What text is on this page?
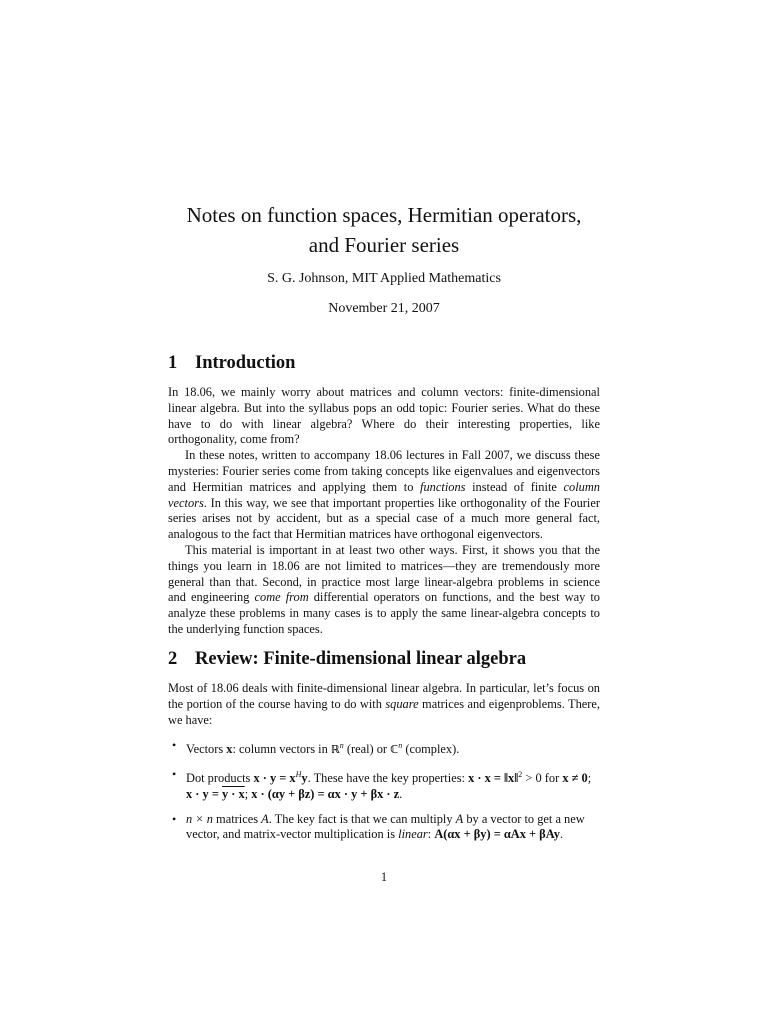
Notes on function spaces, Hermitian operators,
and Fourier series
S. G. Johnson, MIT Applied Mathematics
November 21, 2007
1 Introduction

In 18.06, we mainly worry about matrices and column vectors: finite-dimensional linear algebra. But into the syllabus pops an odd topic: Fourier series. What do these have to do with linear algebra? Where do their interesting properties, like orthogonality, come from?

In these notes, written to accompany 18.06 lectures in Fall 2007, we discuss these mysteries: Fourier series come from taking concepts like eigenvalues and eigenvectors and Hermitian matrices and applying them to functions instead of finite column vectors. In this way, we see that important properties like orthogonality of the Fourier series arises not by accident, but as a special case of a much more general fact, analogous to the fact that Hermitian matrices have orthogonal eigenvectors.

This material is important in at least two other ways. First, it shows you that the things you learn in 18.06 are not limited to matrices—they are tremendously more general than that. Second, in practice most large linear-algebra problems in science and engineering come from differential operators on functions, and the best way to analyze these problems in many cases is to apply the same linear-algebra concepts to the underlying function spaces.

2 Review: Finite-dimensional linear algebra

Most of 18.06 deals with finite-dimensional linear algebra. In particular, let’s focus on the portion of the course having to do with square matrices and eigenproblems. There, we have:

• Vectors x: column vectors in ℝ$^n$ (real) or ℂ$^n$ (complex).
• Dot products $x \cdot y = x^Hy$. These have the key properties: x · x = ‖x‖$^2$ > 0 for x ≠ 0; x · y = y · x; x · (αy + βz) = αx · y + βx · z.
• n × n matrices A. The key fact is that we can multiply A by a vector to get a new vector, and matrix-vector multiplication is linear: A(αx + βy) = αAx + βAy.
1
